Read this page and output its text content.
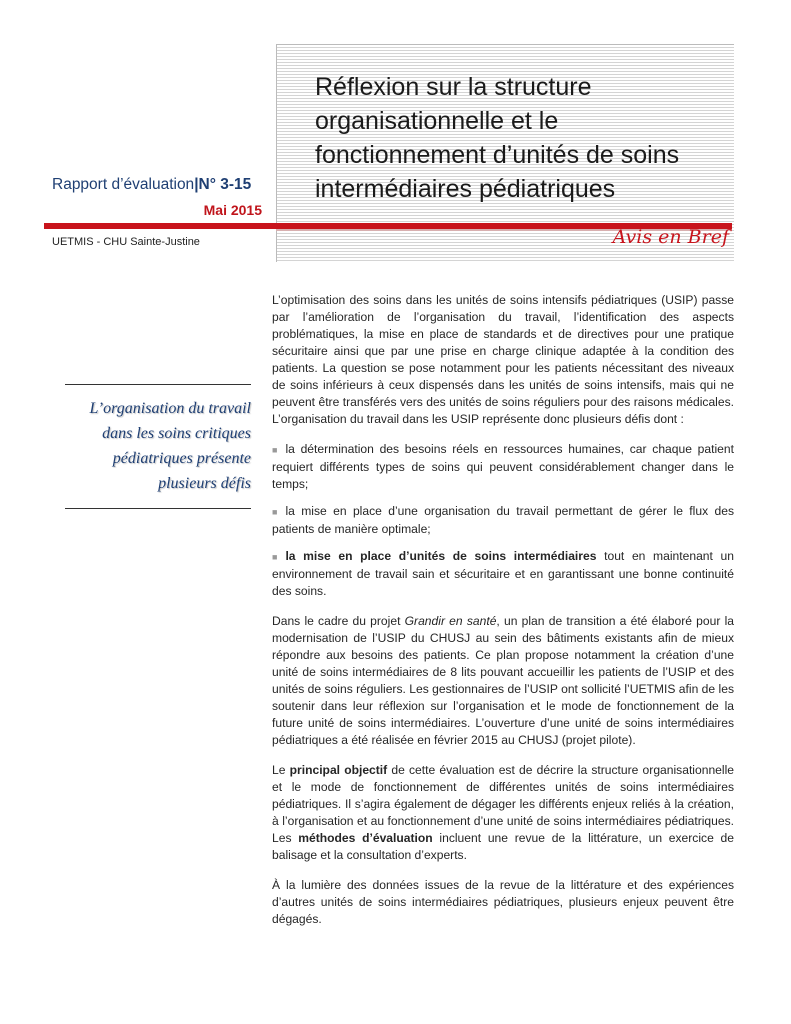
Réflexion sur la structure organisationnelle et le fonctionnement d’unités de soins intermédiaires pédiatriques
Rapport d’évaluation|N° 3-15
Mai 2015
UETMIS - CHU Sainte-Justine	Avis en Bref
L’organisation du travail dans les soins critiques pédiatriques présente plusieurs défis

L’optimisation des soins dans les unités de soins intensifs pédiatriques (USIP) passe par l’amélioration de l’organisation du travail, l’identification des aspects problématiques, la mise en place de standards et de directives pour une pratique sécuritaire ainsi que par une prise en charge clinique adaptée à la condition des patients. La question se pose notamment pour les patients nécessitant des niveaux de soins inférieurs à ceux dispensés dans les unités de soins intensifs, mais qui ne peuvent être transférés vers des unités de soins réguliers pour des raisons médicales. L’organisation du travail dans les USIP représente donc plusieurs défis dont :

■ la détermination des besoins réels en ressources humaines, car chaque patient requiert différents types de soins qui peuvent considérablement changer dans le temps;
■ la mise en place d’une organisation du travail permettant de gérer le flux des patients de manière optimale;
■ la mise en place d’unités de soins intermédiaires tout en maintenant un environnement de travail sain et sécuritaire et en garantissant une bonne continuité des soins.

Dans le cadre du projet Grandir en santé, un plan de transition a été élaboré pour la modernisation de l’USIP du CHUSJ au sein des bâtiments existants afin de mieux répondre aux besoins des patients. Ce plan propose notamment la création d’une unité de soins intermédiaires de 8 lits pouvant accueillir les patients de l’USIP et des unités de soins réguliers. Les gestionnaires de l’USIP ont sollicité l’UETMIS afin de les soutenir dans leur réflexion sur l’organisation et le mode de fonctionnement de la future unité de soins intermédiaires. L’ouverture d’une unité de soins intermédiaires pédiatriques a été réalisée en février 2015 au CHUSJ (projet pilote).

Le principal objectif de cette évaluation est de décrire la structure organisationnelle et le mode de fonctionnement de différentes unités de soins intermédiaires pédiatriques. Il s’agira également de dégager les différents enjeux reliés à la création, à l’organisation et au fonctionnement d’une unité de soins intermédiaires pédiatriques. Les méthodes d’évaluation incluent une revue de la littérature, un exercice de balisage et la consultation d’experts.

À la lumière des données issues de la revue de la littérature et des expériences d’autres unités de soins intermédiaires pédiatriques, plusieurs enjeux peuvent être dégagés.
